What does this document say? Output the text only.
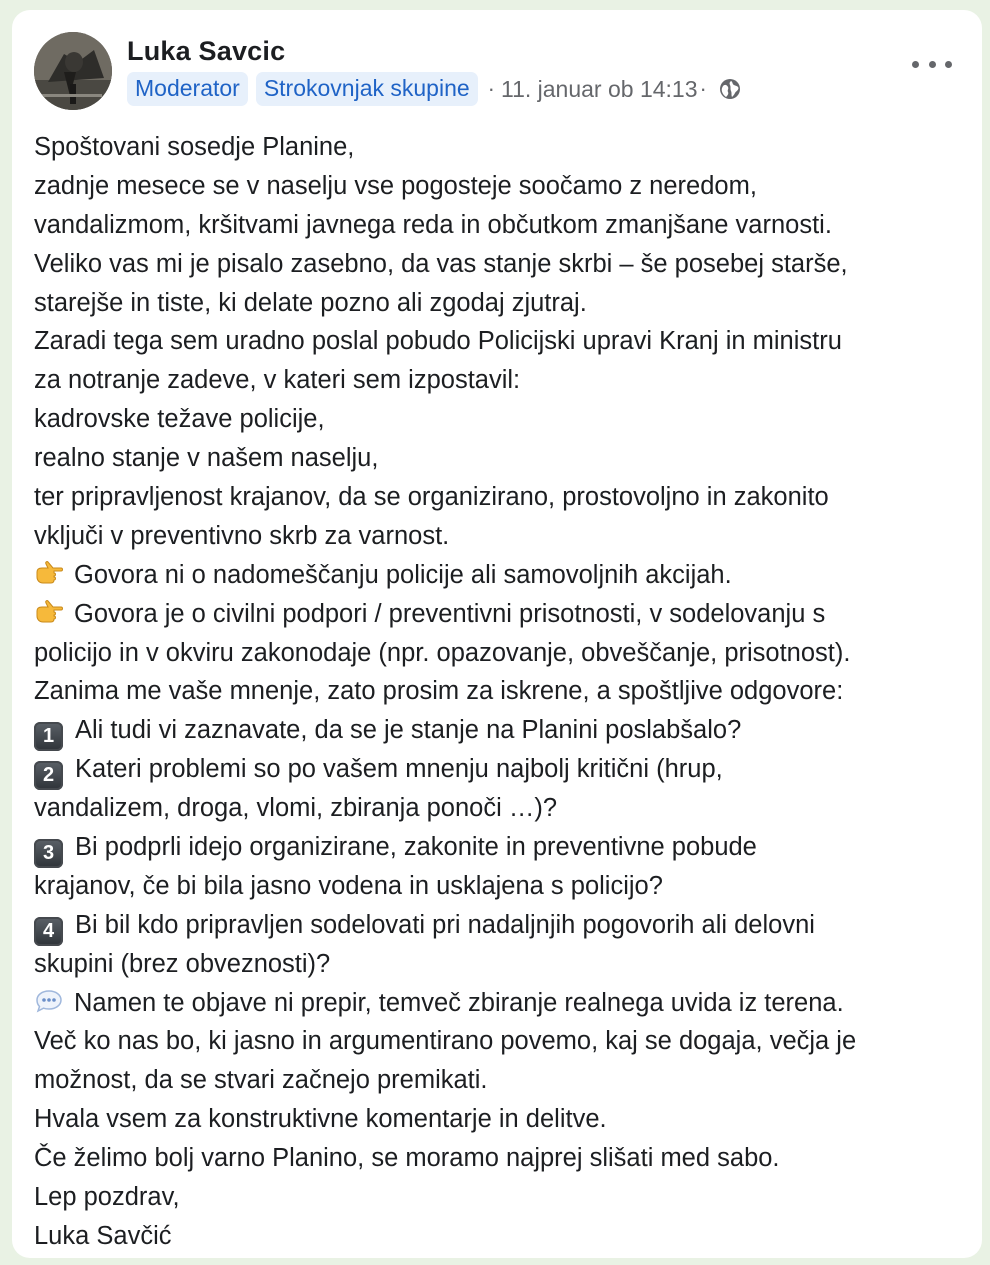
Luka Savcic
Moderator	Strokovnjak skupine · 11. januar ob 14:13 ·
Spoštovani sosedje Planine,
zadnje mesece se v naselju vse pogosteje soočamo z neredom,
vandalizmom, kršitvami javnega reda in občutkom zmanjšane varnosti.
Veliko vas mi je pisalo zasebno, da vas stanje skrbi – še posebej starše,
starejše in tiste, ki delate pozno ali zgodaj zjutraj.
Zaradi tega sem uradno poslal pobudo Policijski upravi Kranj in ministru
za notranje zadeve, v kateri sem izpostavil:
kadrovske težave policije,
realno stanje v našem naselju,
ter pripravljenost krajanov, da se organizirano, prostovoljno in zakonito
vključi v preventivno skrb za varnost.
Govora ni o nadomeščanju policije ali samovoljnih akcijah.
Govora je o civilni podpori / preventivni prisotnosti, v sodelovanju s
policijo in v okviru zakonodaje (npr. opazovanje, obveščanje, prisotnost).
Zanima me vaše mnenje, zato prosim za iskrene, a spoštljive odgovore:
1 Ali tudi vi zaznavate, da se je stanje na Planini poslabšalo?
2 Kateri problemi so po vašem mnenju najbolj kritični (hrup,
vandalizem, droga, vlomi, zbiranja ponoči …)?
3 Bi podprli idejo organizirane, zakonite in preventivne pobude
krajanov, če bi bila jasno vodena in usklajena s policijo?
4 Bi bil kdo pripravljen sodelovati pri nadaljnjih pogovorih ali delovni
skupini (brez obveznosti)?
Namen te objave ni prepir, temveč zbiranje realnega uvida iz terena.
Več ko nas bo, ki jasno in argumentirano povemo, kaj se dogaja, večja je
možnost, da se stvari začnejo premikati.
Hvala vsem za konstruktivne komentarje in delitve.
Če želimo bolj varno Planino, se moramo najprej slišati med sabo.
Lep pozdrav,
Luka Savčić
